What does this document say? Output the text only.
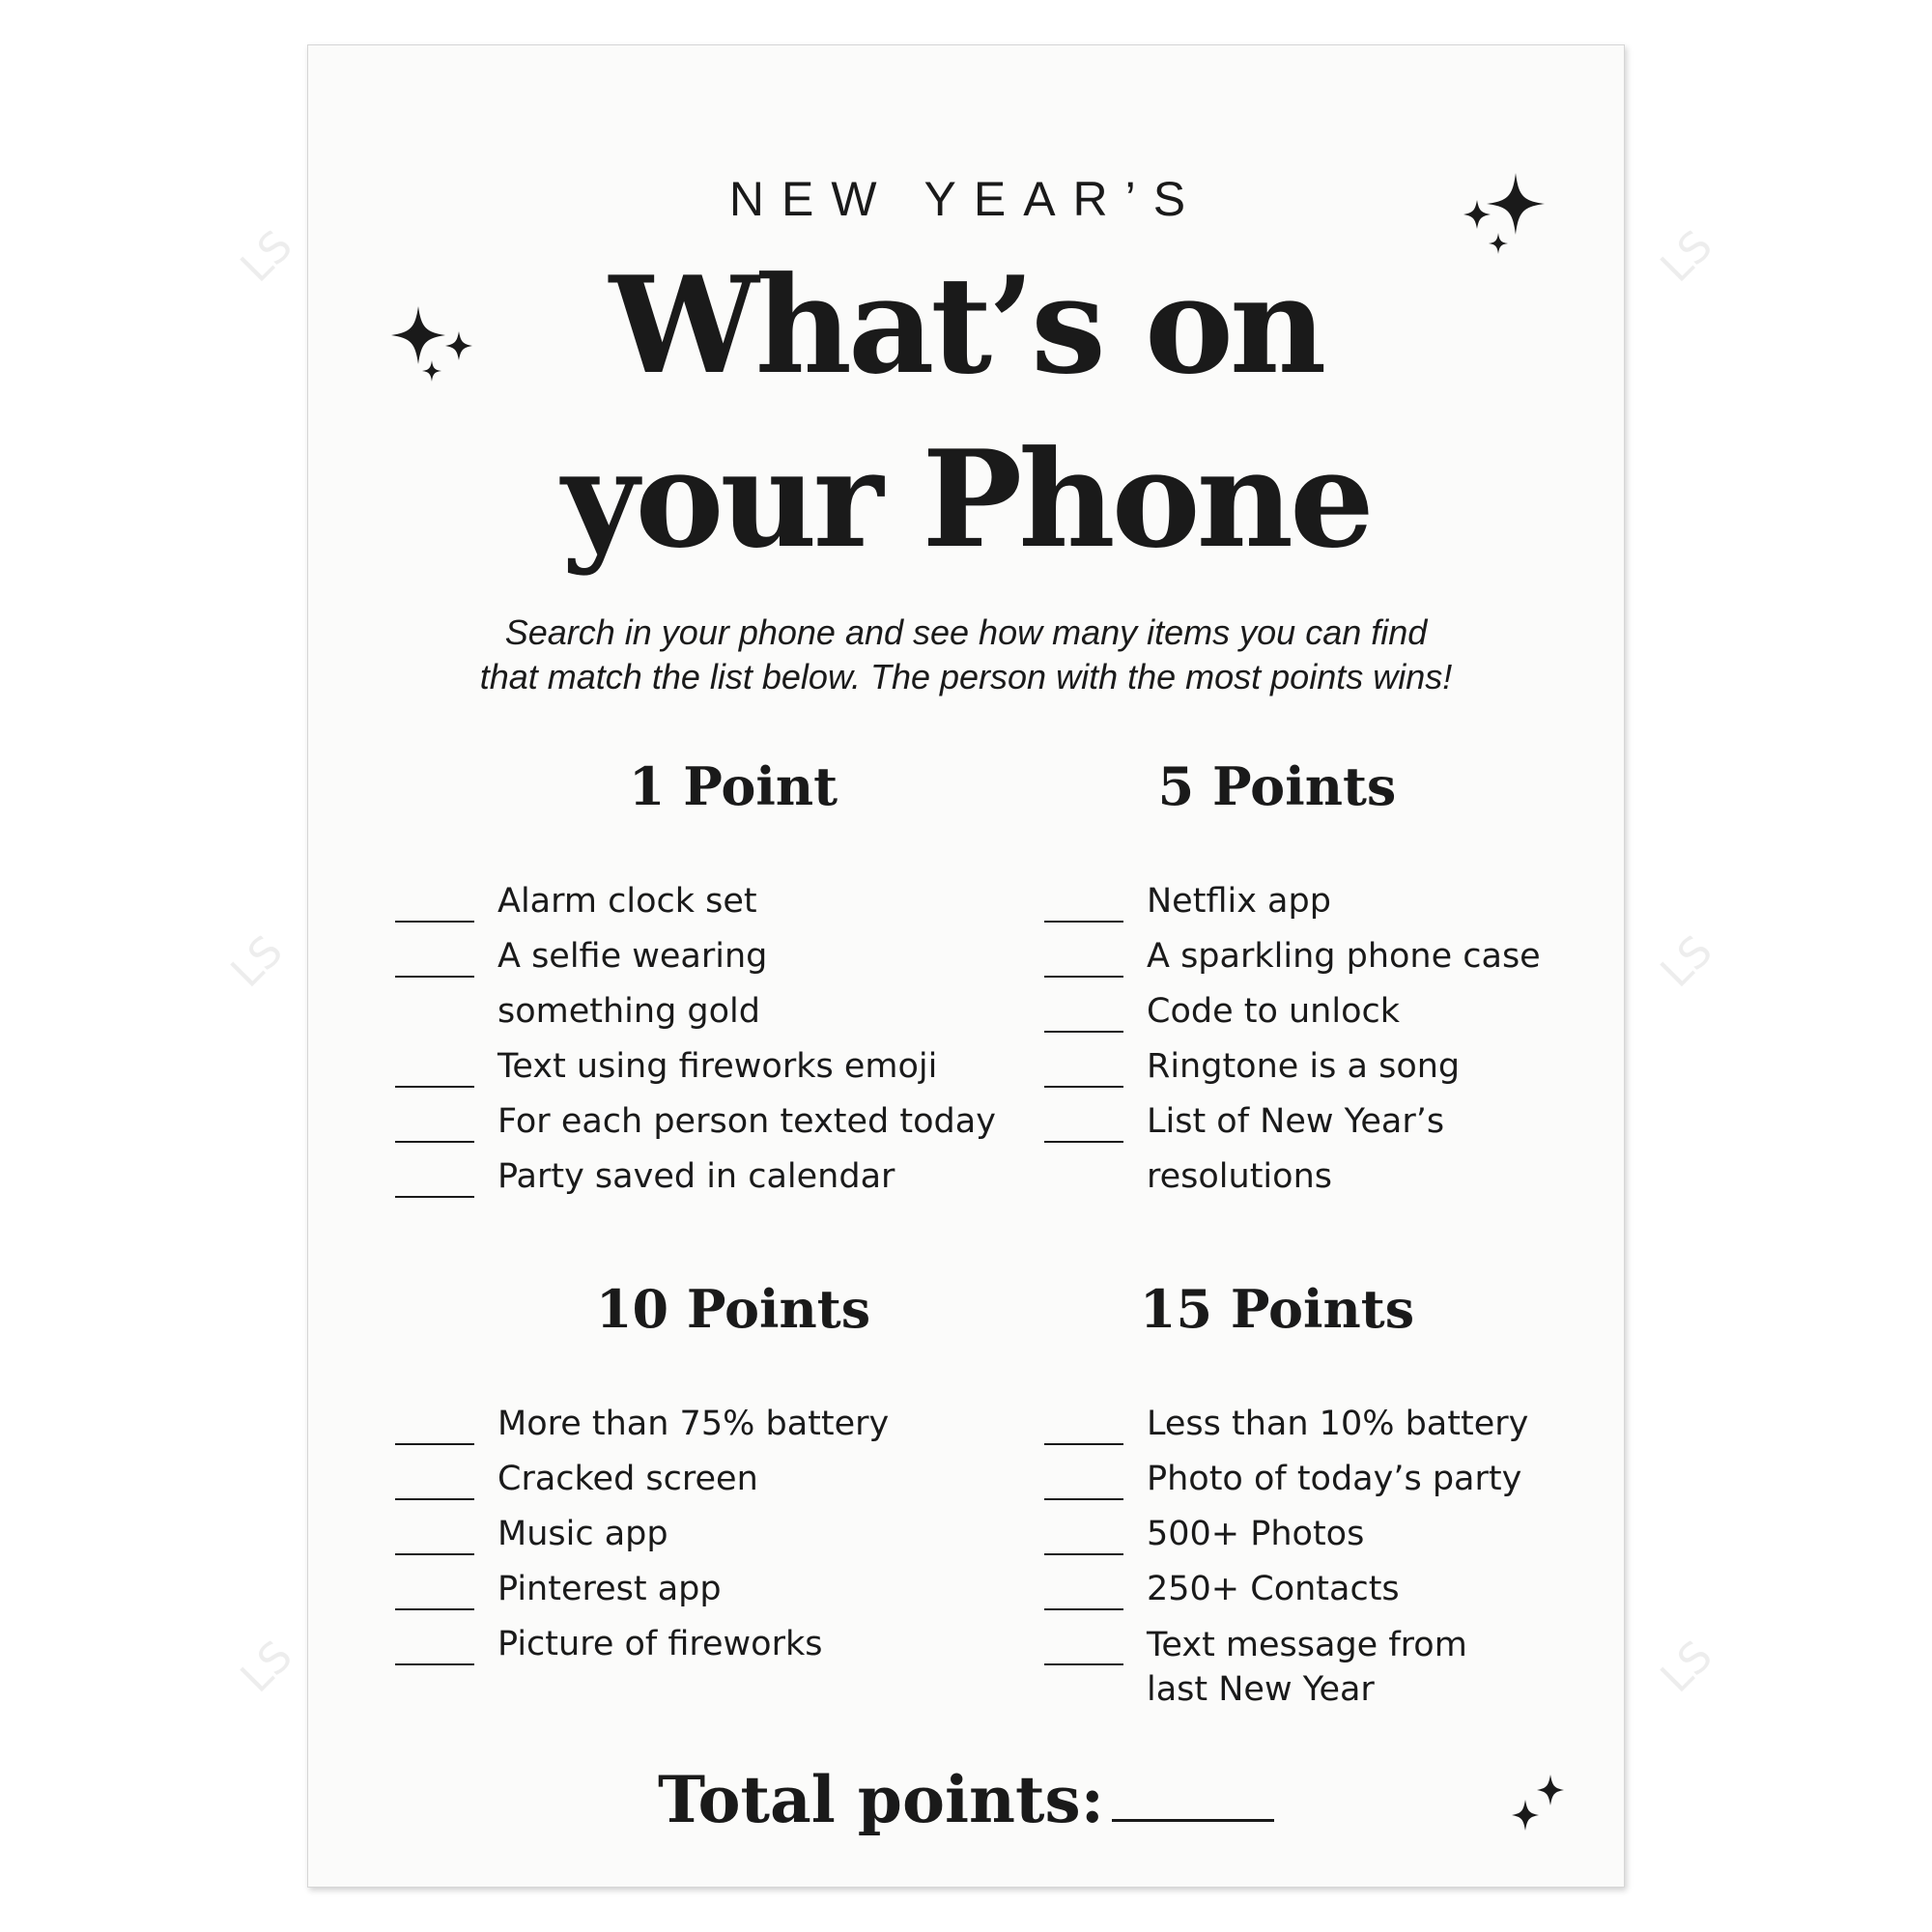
NEW YEAR’S
What’s on
your Phone
Search in your phone and see how many items you can find
that match the list below. The person with the most points wins!
1 Point
Alarm clock set
A selfie wearing something gold
Text using fireworks emoji
For each person texted today
Party saved in calendar
5 Points
Netflix app
A sparkling phone case
Code to unlock
Ringtone is a song
List of New Year’s resolutions
10 Points
More than 75% battery
Cracked screen
Music app
Pinterest app
Picture of fireworks
15 Points
Less than 10% battery
Photo of today’s party
500+ Photos
250+ Contacts
Text message from last New Year
Total points:
LS	LS
LS	LS
LS	LS
